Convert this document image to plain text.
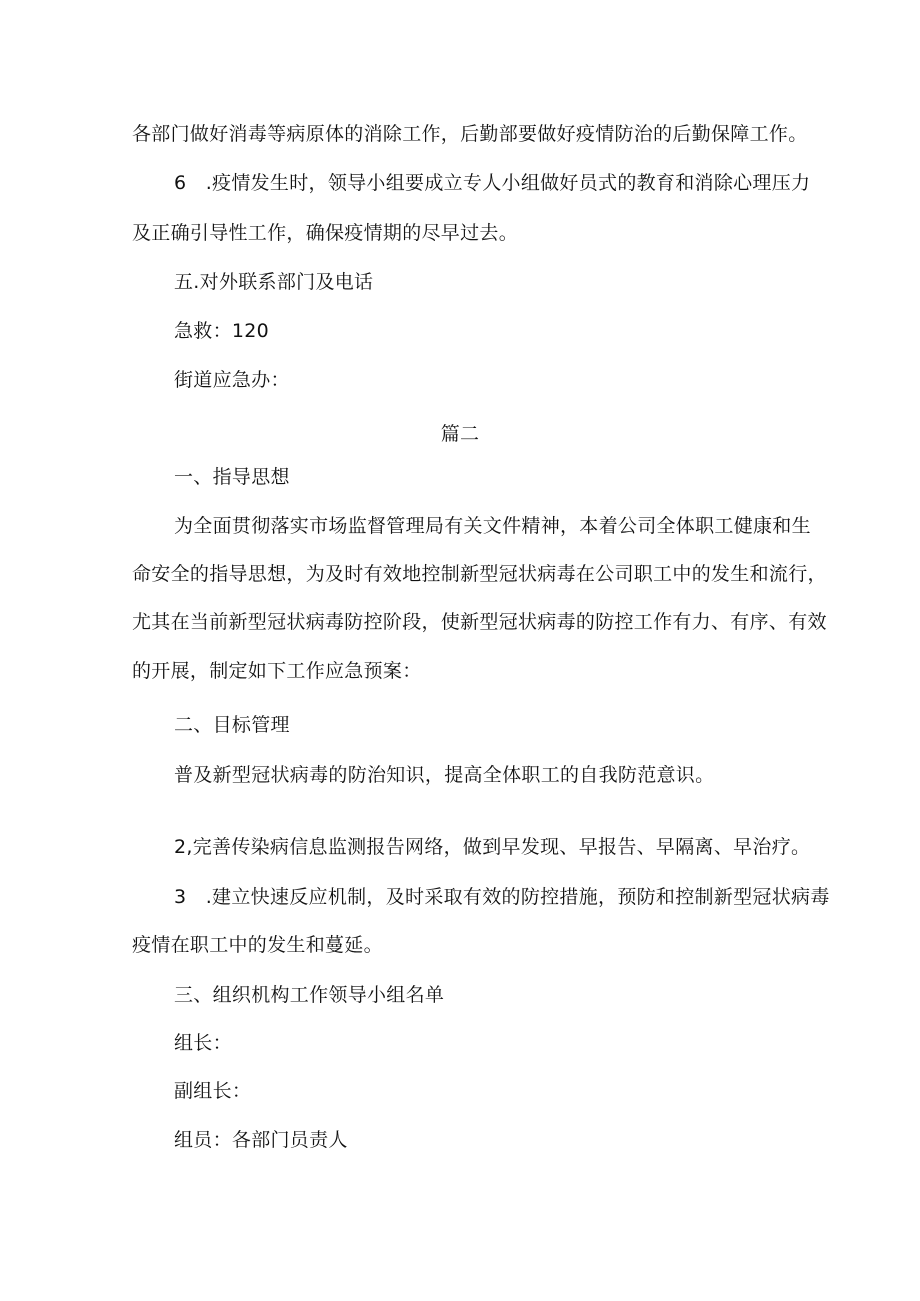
各部门做好消毒等病原体的消除工作，后勤部要做好疫情防治的后勤保障工作。

6　.疫情发生时，领导小组要成立专人小组做好员式的教育和消除心理压力

及正确引导性工作，确保疫情期的尽早过去。

五.对外联系部门及电话

急救：120

街道应急办：

篇二

一、指导思想

为全面贯彻落实市场监督管理局有关文件精神，本着公司全体职工健康和生

命安全的指导思想，为及时有效地控制新型冠状病毒在公司职工中的发生和流行，

尤其在当前新型冠状病毒防控阶段，使新型冠状病毒的防控工作有力、有序、有效

的开展，制定如下工作应急预案：

二、目标管理

普及新型冠状病毒的防治知识，提高全体职工的自我防范意识。

2,完善传染病信息监测报告网络，做到早发现、早报告、早隔离、早治疗。

3　.建立快速反应机制，及时采取有效的防控措施，预防和控制新型冠状病毒

疫情在职工中的发生和蔓延。

三、组织机构工作领导小组名单

组长：

副组长：

组员：各部门员责人
